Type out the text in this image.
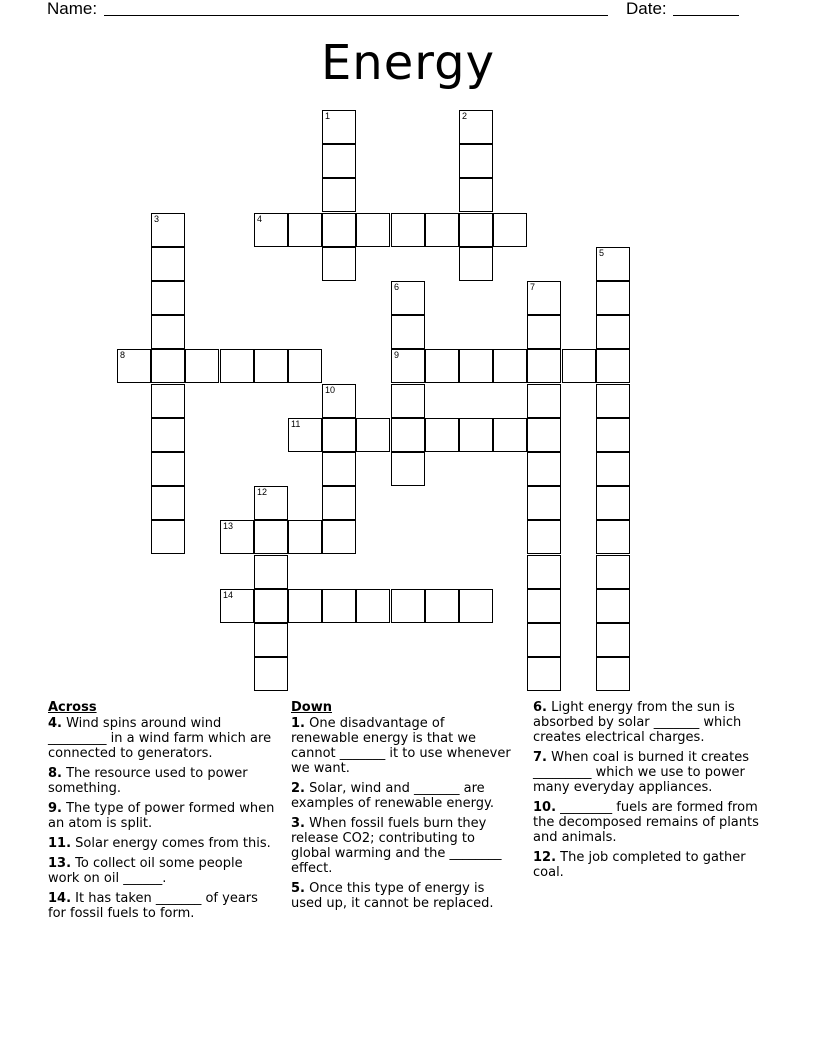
Name:	Date:
Energy
1	2
3	4
5
6
9
7
8
10
11
12
13
14
Across
4. Wind spins around wind _________ in a wind farm which are connected to generators.
8. The resource used to power something.
9. The type of power formed when an atom is split.
11. Solar energy comes from this.
13. To collect oil some people work on oil ______.
14. It has taken _______ of years for fossil fuels to form.
Down
1. One disadvantage of renewable energy is that we cannot _______ it to use whenever we want.
2. Solar, wind and _______ are examples of renewable energy.
3. When fossil fuels burn they release CO2; contributing to global warming and the ________ effect.
5. Once this type of energy is used up, it cannot be replaced.
6. Light energy from the sun is absorbed by solar _______ which creates electrical charges.
7. When coal is burned it creates _________ which we use to power many everyday appliances.
10. ________ fuels are formed from the decomposed remains of plants and animals.
12. The job completed to gather coal.
